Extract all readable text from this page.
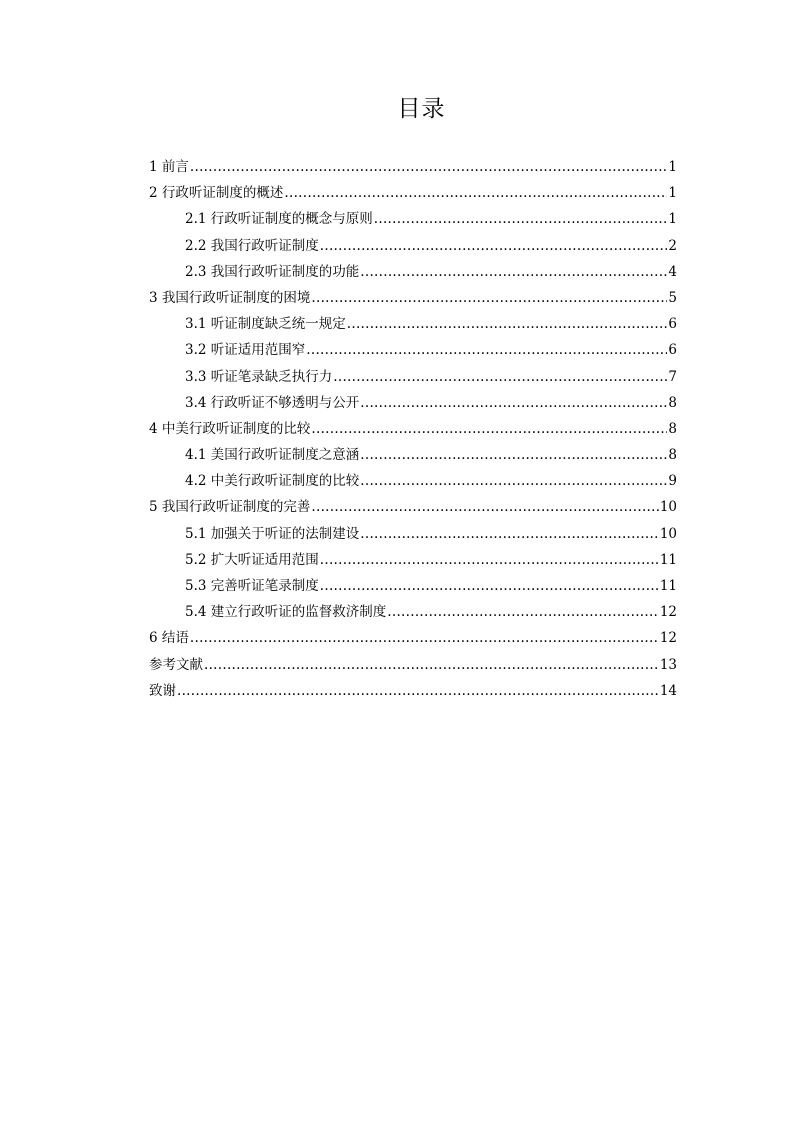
目录
1 前言 .....	1
2 行政听证制度的概述 .....	1
2.1 行政听证制度的概念与原则 .....	1
2.2 我国行政听证制度 .....	2
2.3 我国行政听证制度的功能 .....	4
3 我国行政听证制度的困境 .....	5
3.1 听证制度缺乏统一规定 .....	6
3.2 听证适用范围窄 .....	6
3.3 听证笔录缺乏执行力 .....	7
3.4 行政听证不够透明与公开 .....	8
4 中美行政听证制度的比较 .....	8
4.1 美国行政听证制度之意涵 .....	8
4.2 中美行政听证制度的比较 .....	9
5 我国行政听证制度的完善 .....	10
5.1 加强关于听证的法制建设 .....	10
5.2 扩大听证适用范围 .....	11
5.3 完善听证笔录制度 .....	11
5.4 建立行政听证的监督救济制度 .....	12
6 结语 .....	12
参考文献 .....	13
致谢 .....	14
